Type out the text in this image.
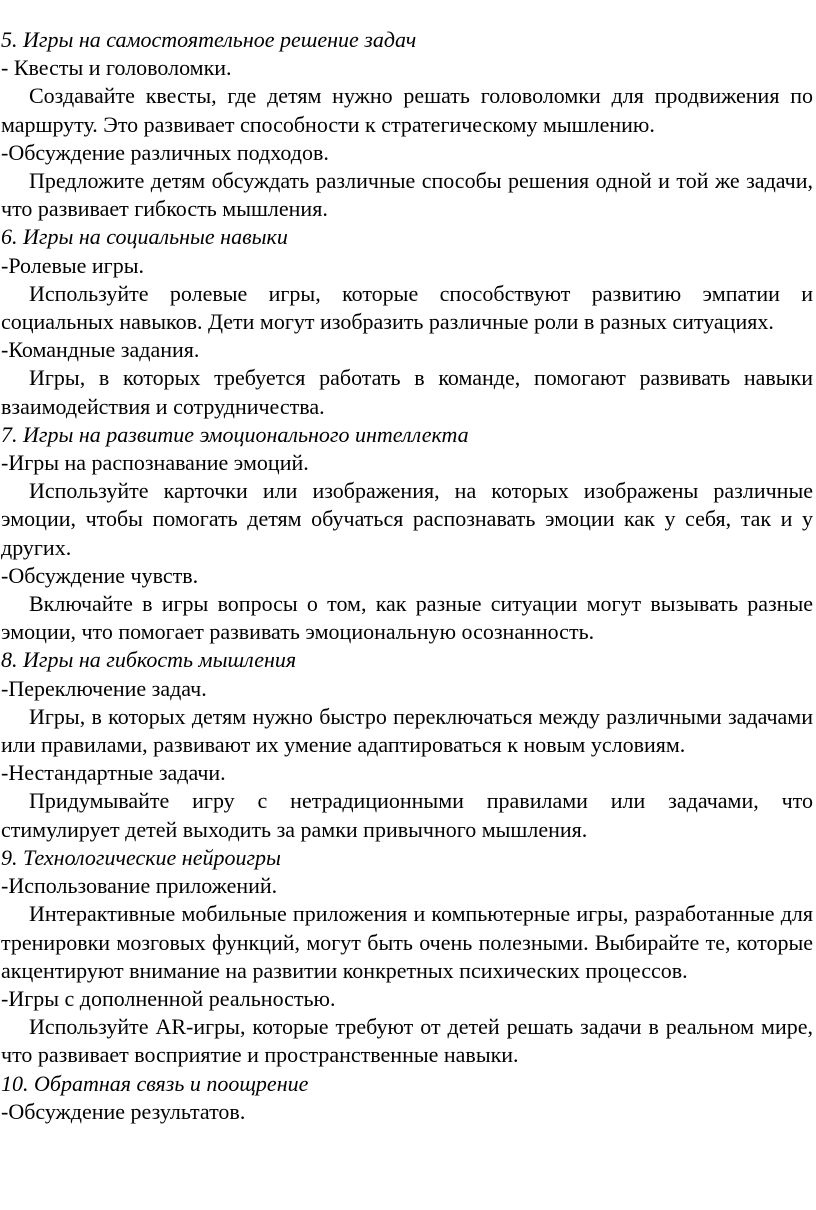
5. Игры на самостоятельное решение задач

- Квесты и головоломки.

Создавайте квесты, где детям нужно решать головоломки для продвижения по маршруту. Это развивает способности к стратегическому мышлению.

-Обсуждение различных подходов.

Предложите детям обсуждать различные способы решения одной и той же задачи, что развивает гибкость мышления.

6. Игры на социальные навыки

-Ролевые игры.

Используйте ролевые игры, которые способствуют развитию эмпатии и социальных навыков. Дети могут изобразить различные роли в разных ситуациях.

-Командные задания.

Игры, в которых требуется работать в команде, помогают развивать навыки взаимодействия и сотрудничества.

7. Игры на развитие эмоционального интеллекта

-Игры на распознавание эмоций.

Используйте карточки или изображения, на которых изображены различные эмоции, чтобы помогать детям обучаться распознавать эмоции как у себя, так и у других.

-Обсуждение чувств.

Включайте в игры вопросы о том, как разные ситуации могут вызывать разные эмоции, что помогает развивать эмоциональную осознанность.

8. Игры на гибкость мышления

-Переключение задач.

Игры, в которых детям нужно быстро переключаться между различными задачами или правилами, развивают их умение адаптироваться к новым условиям.

-Нестандартные задачи.

Придумывайте игру с нетрадиционными правилами или задачами, что стимулирует детей выходить за рамки привычного мышления.

9. Технологические нейроигры

-Использование приложений.

Интерактивные мобильные приложения и компьютерные игры, разработанные для тренировки мозговых функций, могут быть очень полезными. Выбирайте те, которые акцентируют внимание на развитии конкретных психических процессов.

-Игры с дополненной реальностью.

Используйте AR-игры, которые требуют от детей решать задачи в реальном мире, что развивает восприятие и пространственные навыки.

10. Обратная связь и поощрение

-Обсуждение результатов.
